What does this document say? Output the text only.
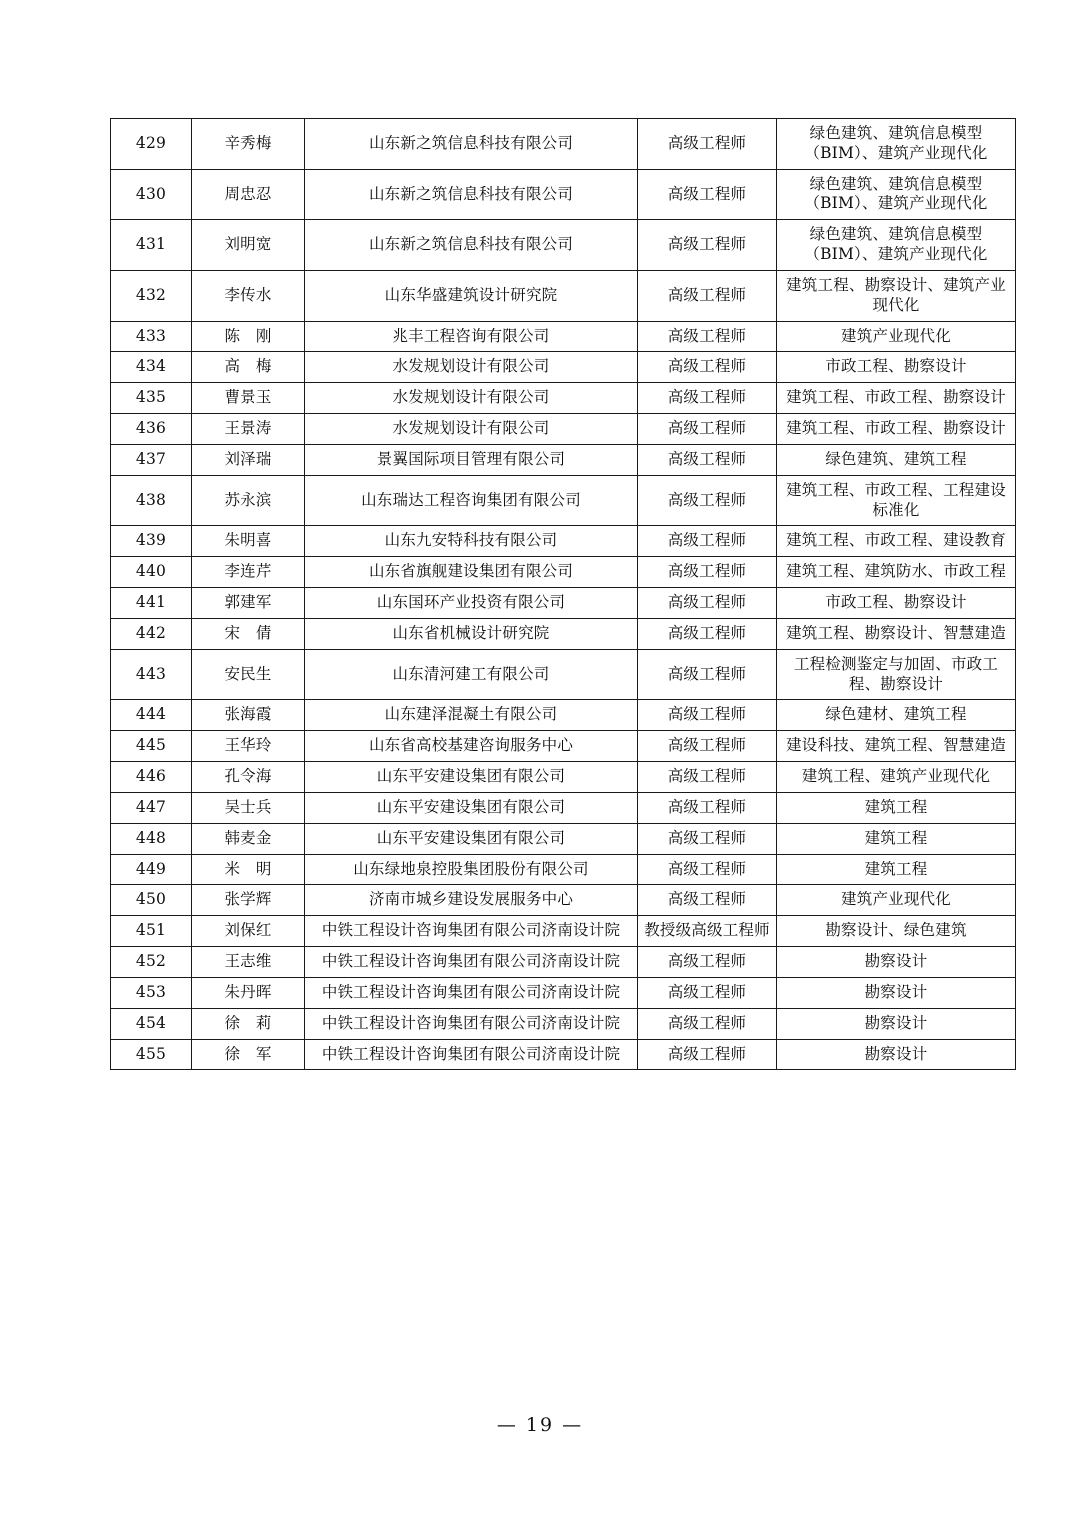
429	辛秀梅	山东新之筑信息科技有限公司	高级工程师	绿色建筑、建筑信息模型（BIM）、建筑产业现代化
430	周忠忍	山东新之筑信息科技有限公司	高级工程师	绿色建筑、建筑信息模型（BIM）、建筑产业现代化
431	刘明宽	山东新之筑信息科技有限公司	高级工程师	绿色建筑、建筑信息模型（BIM）、建筑产业现代化
432	李传水	山东华盛建筑设计研究院	高级工程师	建筑工程、勘察设计、建筑产业现代化
433	陈　刚	兆丰工程咨询有限公司	高级工程师	建筑产业现代化
434	高　梅	水发规划设计有限公司	高级工程师	市政工程、勘察设计
435	曹景玉	水发规划设计有限公司	高级工程师	建筑工程、市政工程、勘察设计
436	王景涛	水发规划设计有限公司	高级工程师	建筑工程、市政工程、勘察设计
437	刘泽瑞	景翼国际项目管理有限公司	高级工程师	绿色建筑、建筑工程
438	苏永滨	山东瑞达工程咨询集团有限公司	高级工程师	建筑工程、市政工程、工程建设标准化
439	朱明喜	山东九安特科技有限公司	高级工程师	建筑工程、市政工程、建设教育
440	李连芹	山东省旗舰建设集团有限公司	高级工程师	建筑工程、建筑防水、市政工程
441	郭建军	山东国环产业投资有限公司	高级工程师	市政工程、勘察设计
442	宋　倩	山东省机械设计研究院	高级工程师	建筑工程、勘察设计、智慧建造
443	安民生	山东清河建工有限公司	高级工程师	工程检测鉴定与加固、市政工程、勘察设计
444	张海霞	山东建泽混凝土有限公司	高级工程师	绿色建材、建筑工程
445	王华玲	山东省高校基建咨询服务中心	高级工程师	建设科技、建筑工程、智慧建造
446	孔令海	山东平安建设集团有限公司	高级工程师	建筑工程、建筑产业现代化
447	吴士兵	山东平安建设集团有限公司	高级工程师	建筑工程
448	韩麦金	山东平安建设集团有限公司	高级工程师	建筑工程
449	米　明	山东绿地泉控股集团股份有限公司	高级工程师	建筑工程
450	张学辉	济南市城乡建设发展服务中心	高级工程师	建筑产业现代化
451	刘保红	中铁工程设计咨询集团有限公司济南设计院	教授级高级工程师	勘察设计、绿色建筑
452	王志维	中铁工程设计咨询集团有限公司济南设计院	高级工程师	勘察设计
453	朱丹晖	中铁工程设计咨询集团有限公司济南设计院	高级工程师	勘察设计
454	徐　莉	中铁工程设计咨询集团有限公司济南设计院	高级工程师	勘察设计
455	徐　军	中铁工程设计咨询集团有限公司济南设计院	高级工程师	勘察设计
— 19 —
